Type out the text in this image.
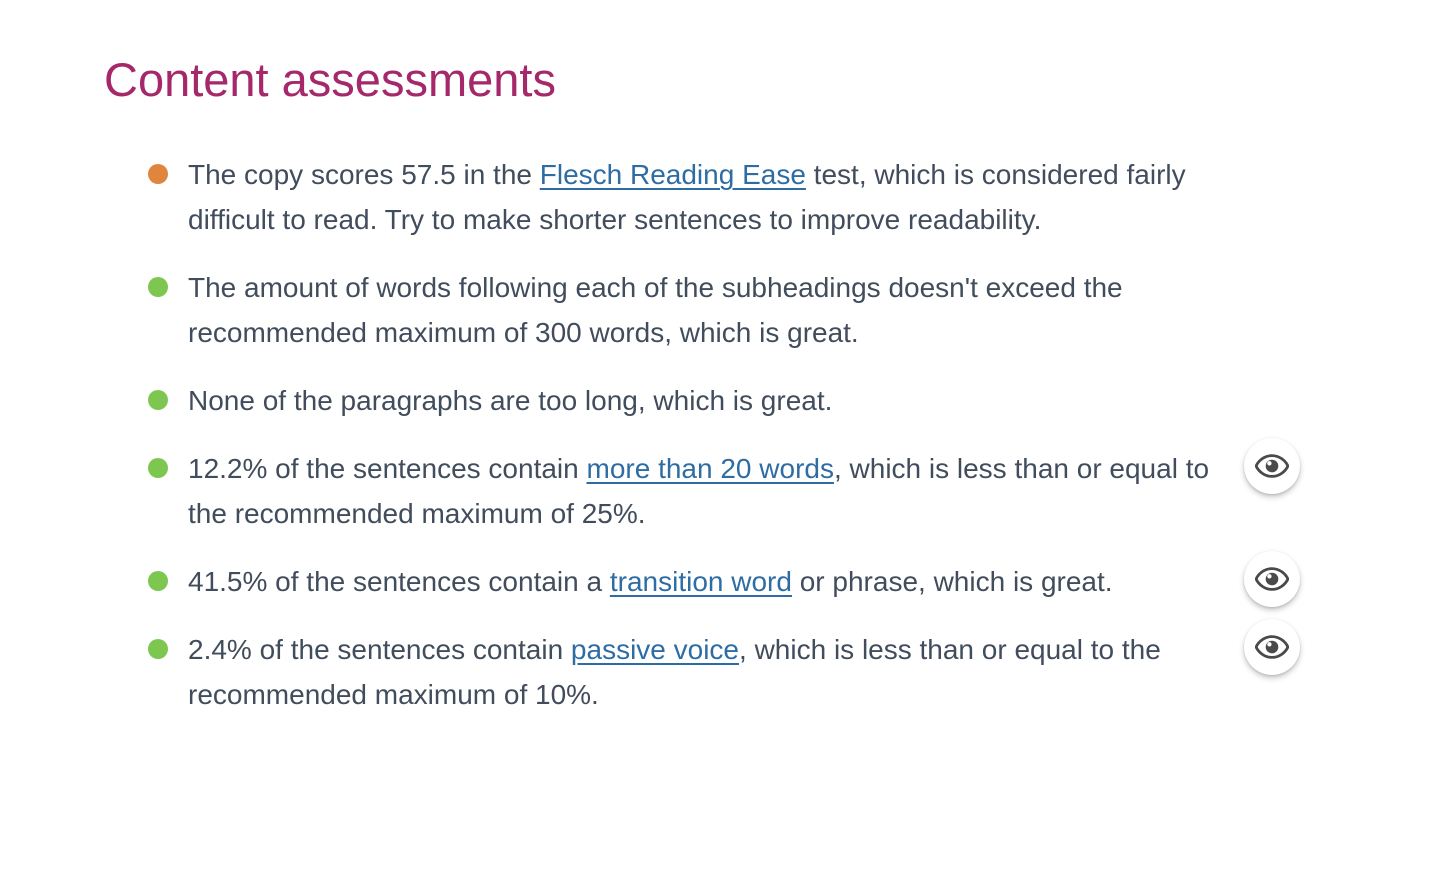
Content assessments

The copy scores 57.5 in the Flesch Reading Ease test, which is considered fairly difficult to read. Try to make shorter sentences to improve readability.

The amount of words following each of the subheadings doesn't exceed the recommended maximum of 300 words, which is great.

None of the paragraphs are too long, which is great.

12.2% of the sentences contain more than 20 words, which is less than or equal to the recommended maximum of 25%.

41.5% of the sentences contain a transition word or phrase, which is great.

2.4% of the sentences contain passive voice, which is less than or equal to the recommended maximum of 10%.
